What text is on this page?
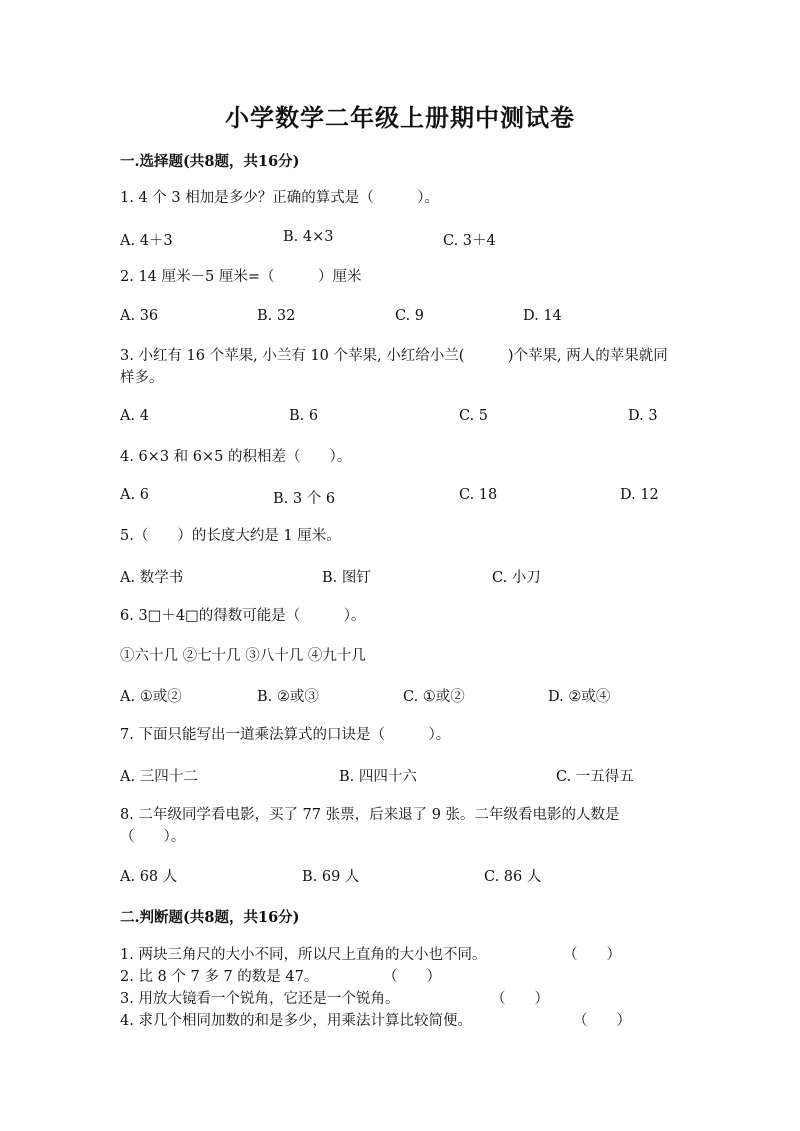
小学数学二年级上册期中测试卷
一.选择题(共8题，共16分)
1. 4 个 3 相加是多少？正确的算式是（　　　）。
A. 4＋3	B. 4×3	C. 3＋4
2. 14 厘米－5 厘米=（　　　）厘米
A. 36	B. 32	C. 9	D. 14
3. 小红有 16 个苹果, 小兰有 10 个苹果, 小红给小兰(　　　)个苹果, 两人的苹果就同样多。
A. 4	B. 6	C. 5	D. 3
4. 6×3 和 6×5 的积相差（　　）。
A. 6	B. 3 个 6	C. 18	D. 12
5.（　　）的长度大约是 1 厘米。
A. 数学书	B. 图钉	C. 小刀
6. 3□＋4□的得数可能是（　　　）。
①六十几 ②七十几 ③八十几 ④九十几
A. ①或②	B. ②或③	C. ①或②	D. ②或④
7. 下面只能写出一道乘法算式的口诀是（　　　）。
A. 三四十二	B. 四四十六	C. 一五得五
8. 二年级同学看电影，买了 77 张票，后来退了 9 张。二年级看电影的人数是（　　）。
A. 68 人	B. 69 人	C. 86 人
二.判断题(共8题，共16分)
1. 两块三角尺的大小不同，所以尺上直角的大小也不同。	（　　）
2. 比 8 个 7 多 7 的数是 47。	（　　）
3. 用放大镜看一个锐角，它还是一个锐角。	（　　）
4. 求几个相同加数的和是多少，用乘法计算比较简便。	（　　）
